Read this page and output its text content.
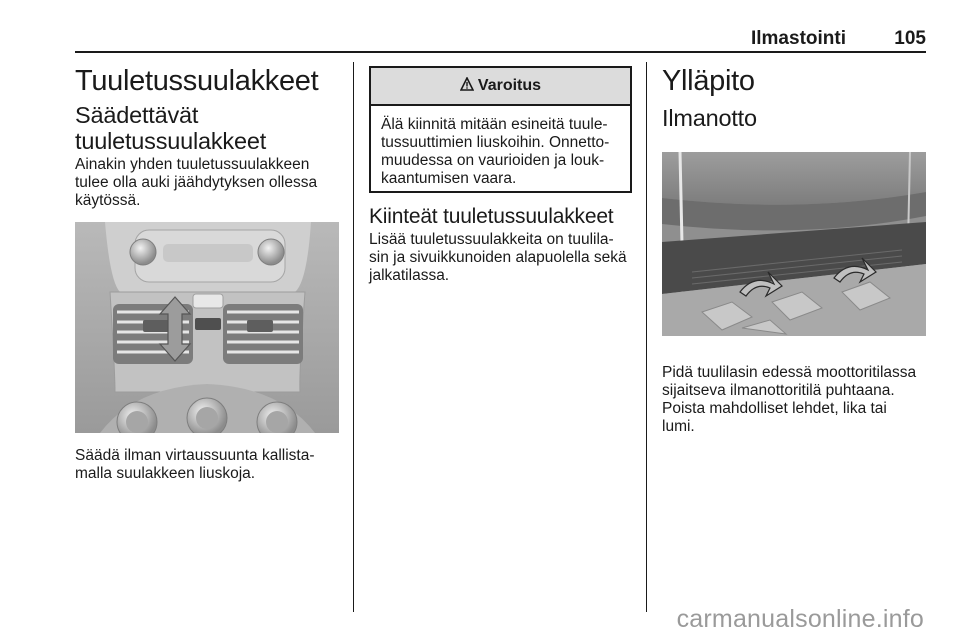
Ilmastointi	105
Tuuletussuulakkeet
Säädettävät
tuuletussuulakkeet
Ainakin yhden tuuletussuulakkeen
tulee olla auki jäähdytyksen ollessa
käytössä.
Säädä ilman virtaussuunta kallista-
malla suulakkeen liuskoja.
Varoitus
Älä kiinnitä mitään esineitä tuule-
tussuuttimien liuskoihin. Onnetto-
muudessa on vaurioiden ja louk-
kaantumisen vaara.
Kiinteät tuuletussuulakkeet
Lisää tuuletussuulakkeita on tuulila-
sin ja sivuikkunoiden alapuolella sekä
jalkatilassa.
Ylläpito
Ilmanotto
Pidä tuulilasin edessä moottoritilassa
sijaitseva ilmanottoritilä puhtaana.
Poista mahdolliset lehdet, lika tai
lumi.
carmanualsonline.info
